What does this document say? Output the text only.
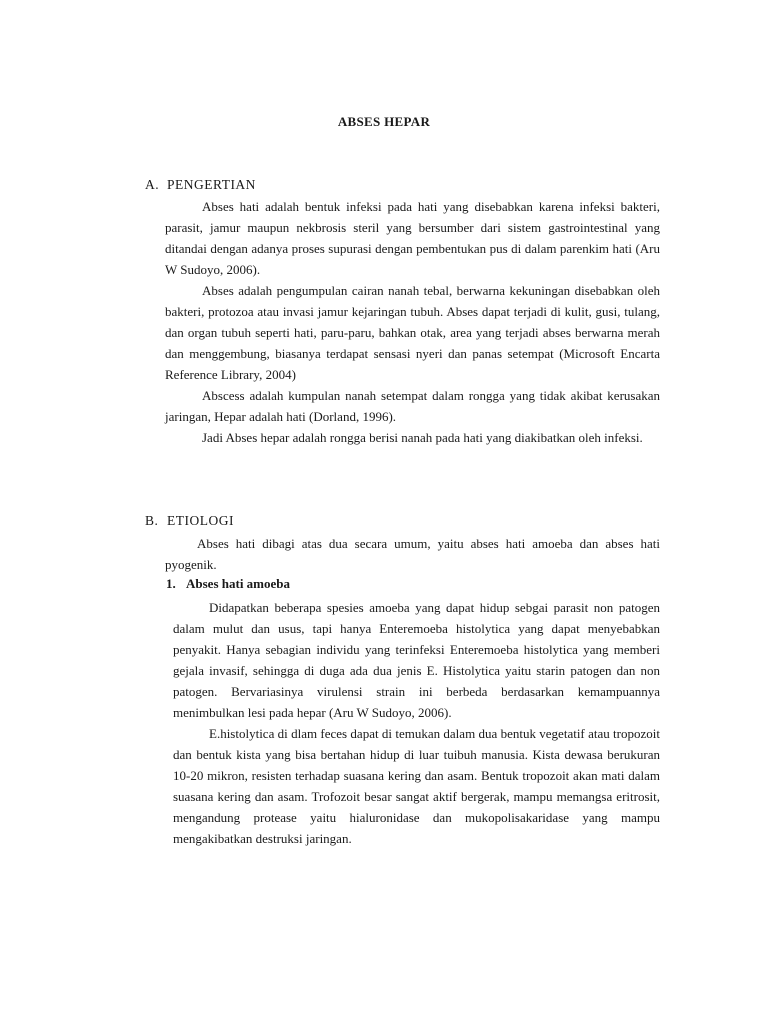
ABSES HEPAR
A. PENGERTIAN

Abses hati adalah bentuk infeksi pada hati yang disebabkan karena infeksi bakteri, parasit, jamur maupun nekbrosis steril yang bersumber dari sistem gastrointestinal yang ditandai dengan adanya proses supurasi dengan pembentukan pus di dalam parenkim hati (Aru W Sudoyo, 2006).

Abses adalah pengumpulan cairan nanah tebal, berwarna kekuningan disebabkan oleh bakteri, protozoa atau invasi jamur kejaringan tubuh. Abses dapat terjadi di kulit, gusi, tulang, dan organ tubuh seperti hati, paru-paru, bahkan otak, area yang terjadi abses berwarna merah dan menggembung, biasanya terdapat sensasi nyeri dan panas setempat (Microsoft Encarta Reference Library, 2004)

Abscess adalah kumpulan nanah setempat dalam rongga yang tidak akibat kerusakan jaringan, Hepar adalah hati (Dorland, 1996).

Jadi Abses hepar adalah rongga berisi nanah pada hati yang diakibatkan oleh infeksi.

B. ETIOLOGI

Abses hati dibagi atas dua secara umum, yaitu abses hati amoeba dan abses hati pyogenik.

1. Abses hati amoeba

Didapatkan beberapa spesies amoeba yang dapat hidup sebgai parasit non patogen dalam mulut dan usus, tapi hanya Enteremoeba histolytica yang dapat menyebabkan penyakit. Hanya sebagian individu yang terinfeksi Enteremoeba histolytica yang memberi gejala invasif, sehingga di duga ada dua jenis E. Histolytica yaitu starin patogen dan non patogen. Bervariasinya virulensi strain ini berbeda berdasarkan kemampuannya menimbulkan lesi pada hepar (Aru W Sudoyo, 2006).

E.histolytica di dlam feces dapat di temukan dalam dua bentuk vegetatif atau tropozoit dan bentuk kista yang bisa bertahan hidup di luar tuibuh manusia. Kista dewasa berukuran 10-20 mikron, resisten terhadap suasana kering dan asam. Bentuk tropozoit akan mati dalam suasana kering dan asam. Trofozoit besar sangat aktif bergerak, mampu memangsa eritrosit, mengandung protease yaitu hialuronidase dan mukopolisakaridase yang mampu mengakibatkan destruksi jaringan.
